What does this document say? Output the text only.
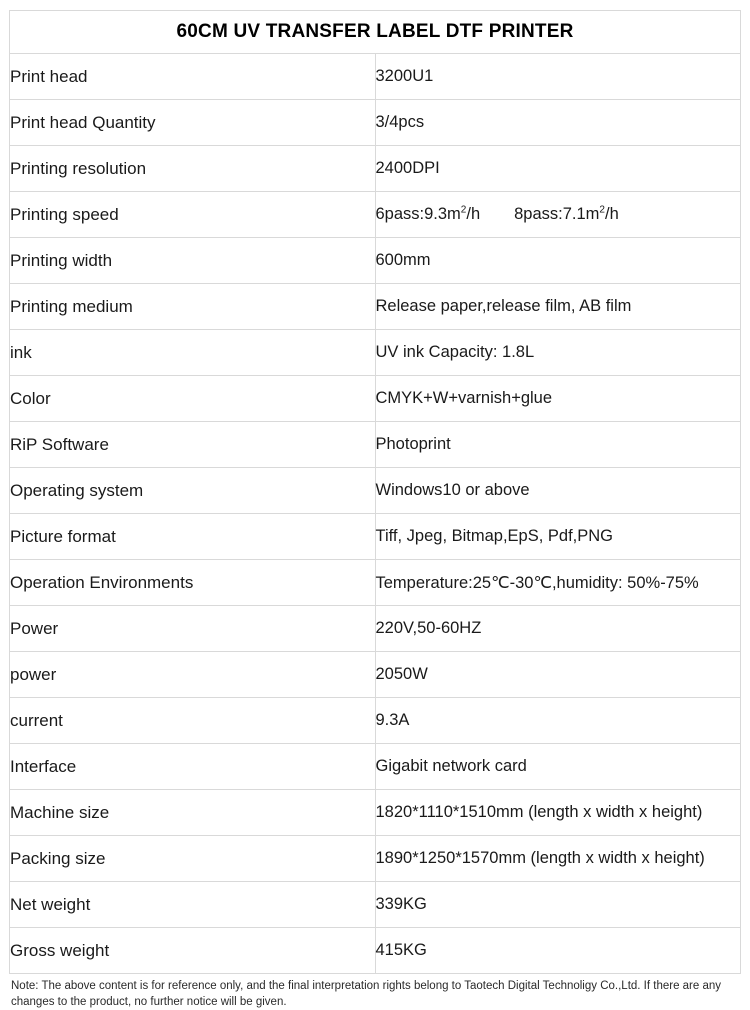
60CM UV TRANSFER LABEL DTF PRINTER	
Print head	3200U1
Print head Quantity	3/4pcs
Printing resolution	2400DPI
Printing speed	$6pass:9.3m^2/h$ $8pass:7.1m^2/h$
Printing width	600mm
Printing medium	Release paper,release film, AB film
ink	UV ink Capacity: 1.8L
Color	CMYK+W+varnish+glue
RiP Software	Photoprint
Operating system	Windows10 or above
Picture format	Tiff, Jpeg, Bitmap,EpS, Pdf,PNG
Operation Environments	Temperature:25℃-30℃,humidity: 50%-75%
Power	220V,50-60HZ
power	2050W
current	9.3A
Interface	Gigabit network card
Machine size	1820*1110*1510mm (length x width x height)
Packing size	1890*1250*1570mm (length x width x height)
Net weight	339KG
Gross weight	415KG
Note: The above content is for reference only, and the final interpretation rights belong to Taotech Digital Technoligy Co.,Ltd. If there are any changes to the product, no further notice will be given.
